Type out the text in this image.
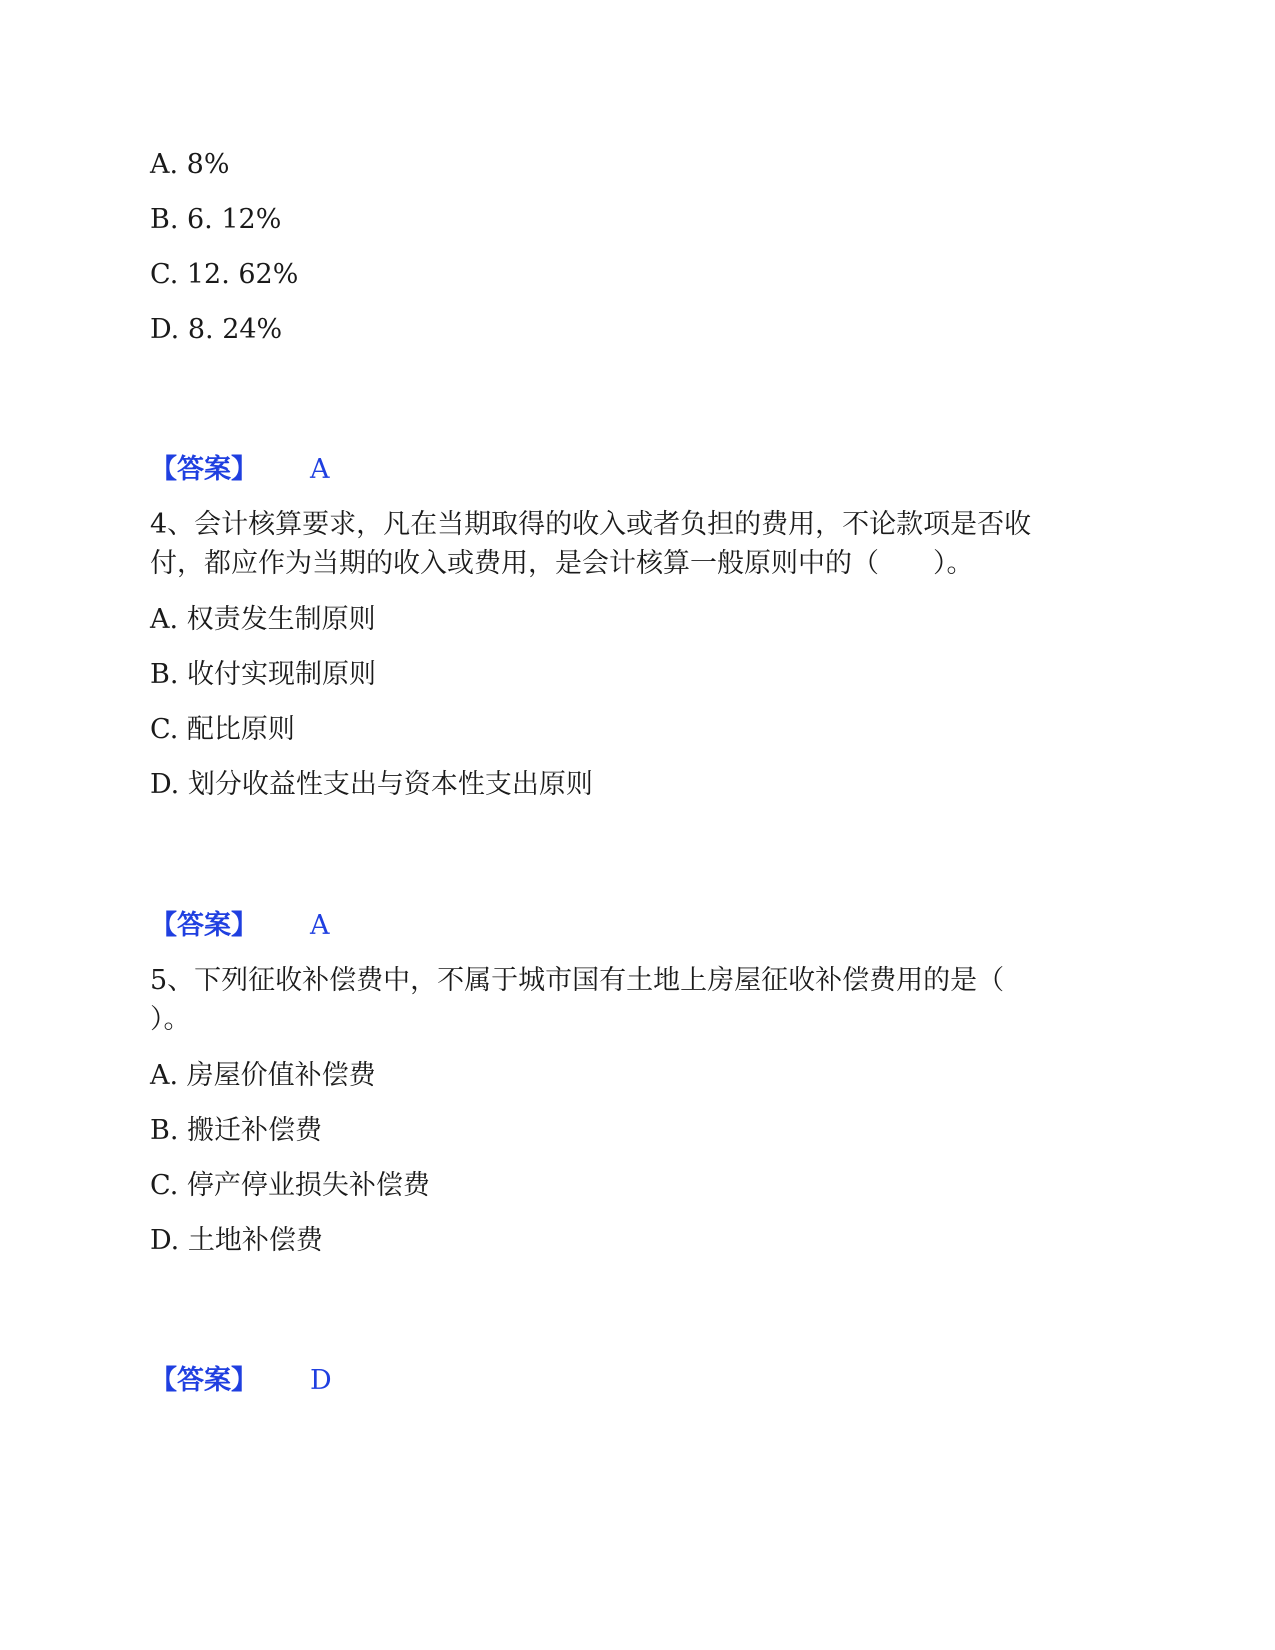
A. 8%
B. 6. 12%
C. 12. 62%
D. 8. 24%
【答案】 A
4、会计核算要求，凡在当期取得的收入或者负担的费用，不论款项是否收
付，都应作为当期的收入或费用，是会计核算一般原则中的（　　）。
A. 权责发生制原则
B. 收付实现制原则
C. 配比原则
D. 划分收益性支出与资本性支出原则
【答案】 A
5、下列征收补偿费中，不属于城市国有土地上房屋征收补偿费用的是（
）。
A. 房屋价值补偿费
B. 搬迁补偿费
C. 停产停业损失补偿费
D. 土地补偿费
【答案】 D
